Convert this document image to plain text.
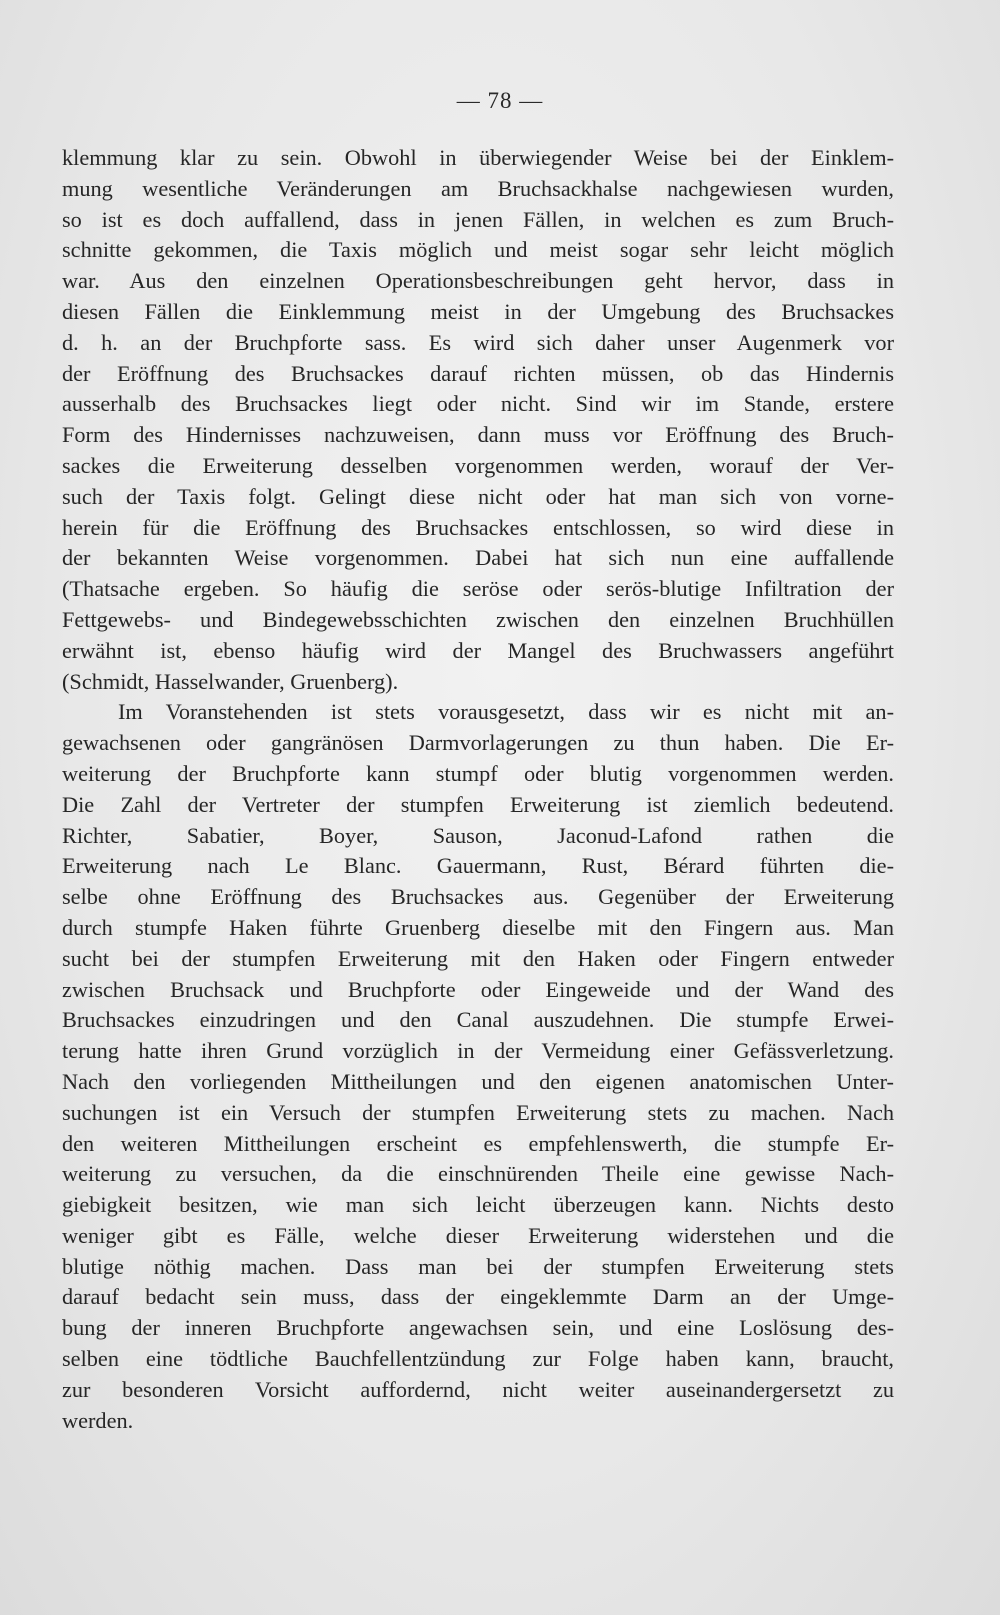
— 78 —
klemmung klar zu sein. Obwohl in überwiegender Weise bei der Einklem-
mung wesentliche Veränderungen am Bruchsackhalse nachgewiesen wurden,
so ist es doch auffallend, dass in jenen Fällen, in welchen es zum Bruch-
schnitte gekommen, die Taxis möglich und meist sogar sehr leicht möglich
war. Aus den einzelnen Operationsbeschreibungen geht hervor, dass in
diesen Fällen die Einklemmung meist in der Umgebung des Bruchsackes
d. h. an der Bruchpforte sass. Es wird sich daher unser Augenmerk vor
der Eröffnung des Bruchsackes darauf richten müssen, ob das Hindernis
ausserhalb des Bruchsackes liegt oder nicht. Sind wir im Stande, erstere
Form des Hindernisses nachzuweisen, dann muss vor Eröffnung des Bruch-
sackes die Erweiterung desselben vorgenommen werden, worauf der Ver-
such der Taxis folgt. Gelingt diese nicht oder hat man sich von vorne-
herein für die Eröffnung des Bruchsackes entschlossen, so wird diese in
der bekannten Weise vorgenommen. Dabei hat sich nun eine auffallende
(Thatsache ergeben. So häufig die seröse oder serös-blutige Infiltration der
Fettgewebs- und Bindegewebsschichten zwischen den einzelnen Bruchhüllen
erwähnt ist, ebenso häufig wird der Mangel des Bruchwassers angeführt
(Schmidt, Hasselwander, Gruenberg).
Im Voranstehenden ist stets vorausgesetzt, dass wir es nicht mit an-
gewachsenen oder gangränösen Darmvorlagerungen zu thun haben. Die Er-
weiterung der Bruchpforte kann stumpf oder blutig vorgenommen werden.
Die Zahl der Vertreter der stumpfen Erweiterung ist ziemlich bedeutend.
Richter, Sabatier, Boyer, Sauson, Jaconud-Lafond rathen die
Erweiterung nach Le Blanc. Gauermann, Rust, Bérard führten die-
selbe ohne Eröffnung des Bruchsackes aus. Gegenüber der Erweiterung
durch stumpfe Haken führte Gruenberg dieselbe mit den Fingern aus. Man
sucht bei der stumpfen Erweiterung mit den Haken oder Fingern entweder
zwischen Bruchsack und Bruchpforte oder Eingeweide und der Wand des
Bruchsackes einzudringen und den Canal auszudehnen. Die stumpfe Erwei-
terung hatte ihren Grund vorzüglich in der Vermeidung einer Gefässverletzung.
Nach den vorliegenden Mittheilungen und den eigenen anatomischen Unter-
suchungen ist ein Versuch der stumpfen Erweiterung stets zu machen. Nach
den weiteren Mittheilungen erscheint es empfehlenswerth, die stumpfe Er-
weiterung zu versuchen, da die einschnürenden Theile eine gewisse Nach-
giebigkeit besitzen, wie man sich leicht überzeugen kann. Nichts desto
weniger gibt es Fälle, welche dieser Erweiterung widerstehen und die
blutige nöthig machen. Dass man bei der stumpfen Erweiterung stets
darauf bedacht sein muss, dass der eingeklemmte Darm an der Umge-
bung der inneren Bruchpforte angewachsen sein, und eine Loslösung des-
selben eine tödtliche Bauchfellentzündung zur Folge haben kann, braucht,
zur besonderen Vorsicht auffordernd, nicht weiter auseinandergersetzt zu
werden.
